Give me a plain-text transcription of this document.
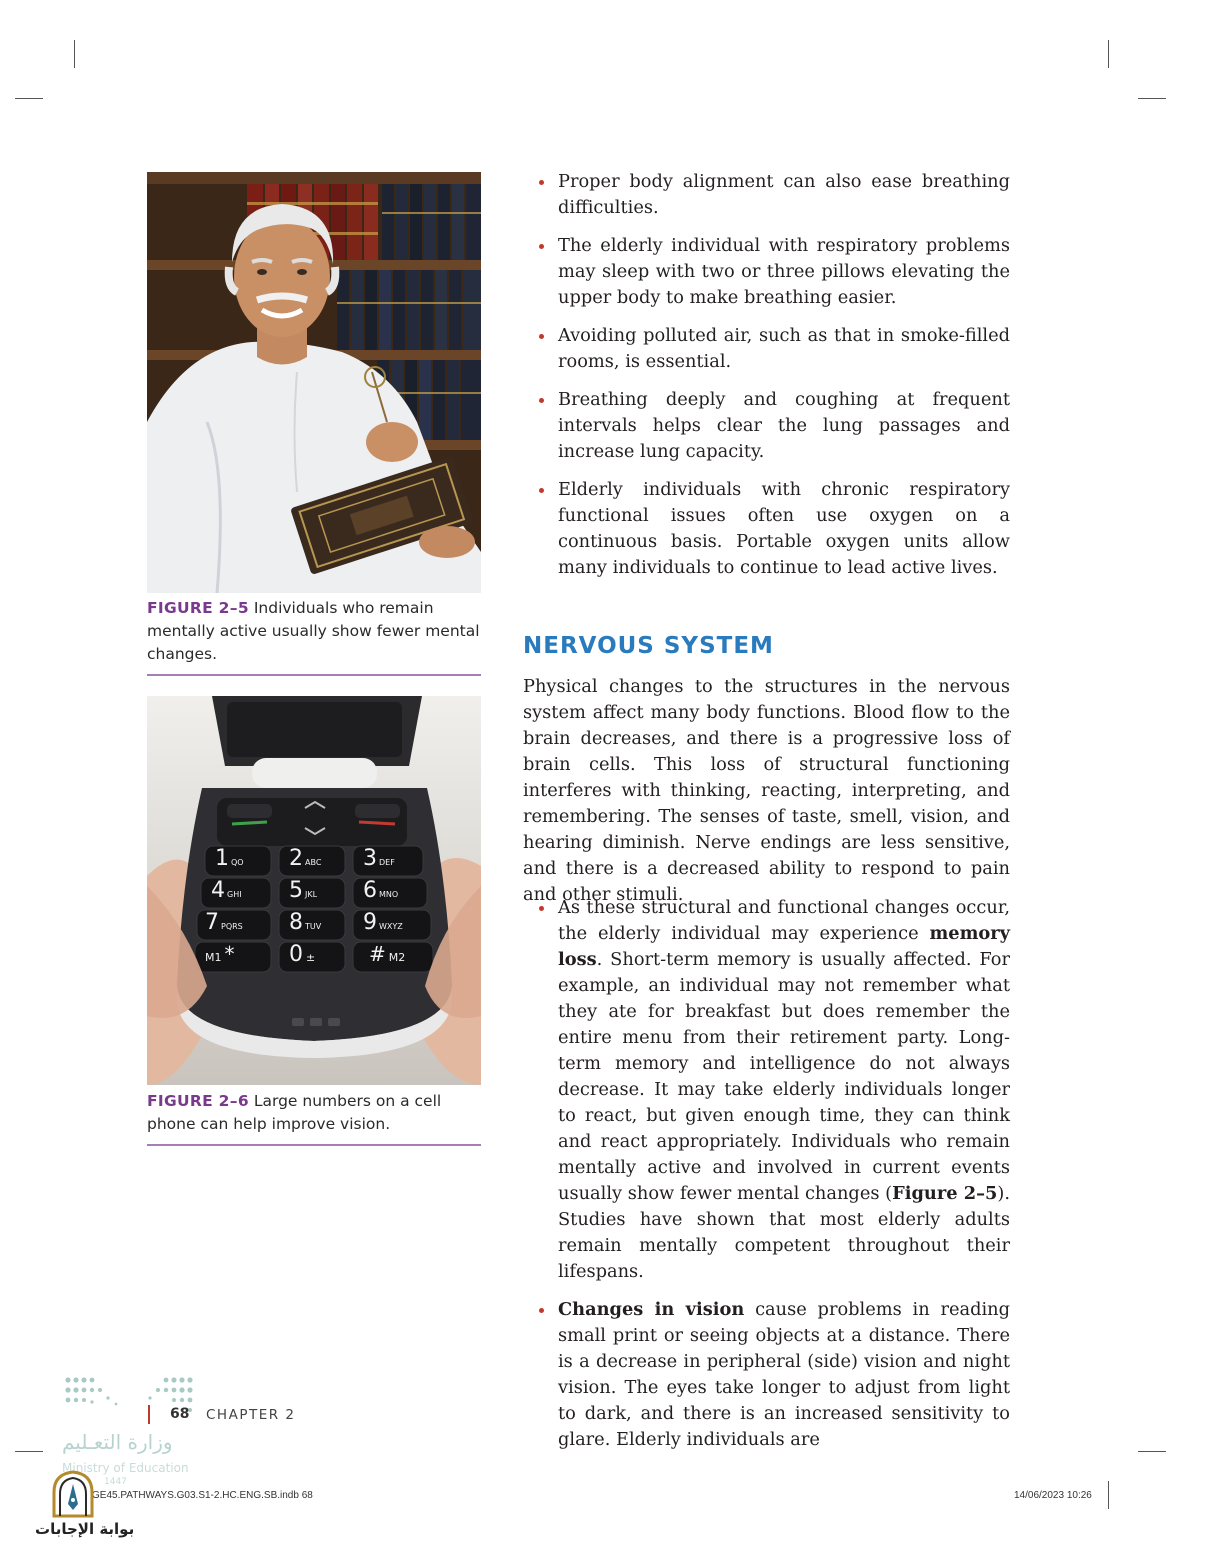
FIGURE 2–5 Individuals who remain mentally active usually show fewer mental changes.
1 QO 2 ABC 3 DEF
4 GHI 5 JKL 6 MNO
7 PQRS 8 TUV 9 WXYZ
M1 * 0 ±	# M2
FIGURE 2–6 Large numbers on a cell phone can help improve vision.
Proper body alignment can also ease breathing difficulties.
The elderly individual with respiratory problems may sleep with two or three pillows elevating the upper body to make breathing easier.
Avoiding polluted air, such as that in smoke-filled rooms, is essential.
Breathing deeply and coughing at frequent intervals helps clear the lung passages and increase lung capacity.
Elderly individuals with chronic respiratory functional issues often use oxygen on a continuous basis. Portable oxygen units allow many individuals to continue to lead active lives.
NERVOUS SYSTEM

Physical changes to the structures in the nervous system affect many body functions. Blood flow to the brain decreases, and there is a progressive loss of brain cells. This loss of structural functioning interferes with thinking, reacting, interpreting, and remembering. The senses of taste, smell, vision, and hearing diminish. Nerve endings are less sensitive, and there is a decreased ability to respond to pain and other stimuli.

As these structural and functional changes occur, the elderly individual may experience memory loss. Short-term memory is usually affected. For example, an individual may not remember what they ate for breakfast but does remember the entire menu from their retirement party. Long-term memory and intelligence do not always decrease. It may take elderly individuals longer to react, but given enough time, they can think and react appropriately. Individuals who remain mentally active and involved in current events usually show fewer mental changes (Figure 2–5). Studies have shown that most elderly adults remain mentally competent throughout their lifespans.
Changes in vision cause problems in reading small print or seeing objects at a distance. There is a decrease in peripheral (side) vision and night vision. The eyes take longer to adjust from light to dark, and there is an increased sensitivity to glare. Elderly individuals are
68 CHAPTER 2
وزارة التعـليم
Ministry of Education
1447
GE45.PATHWAYS.G03.S1-2.HC.ENG.SB.indb 68	14/06/2023 10:26
بوابة الإجابات
